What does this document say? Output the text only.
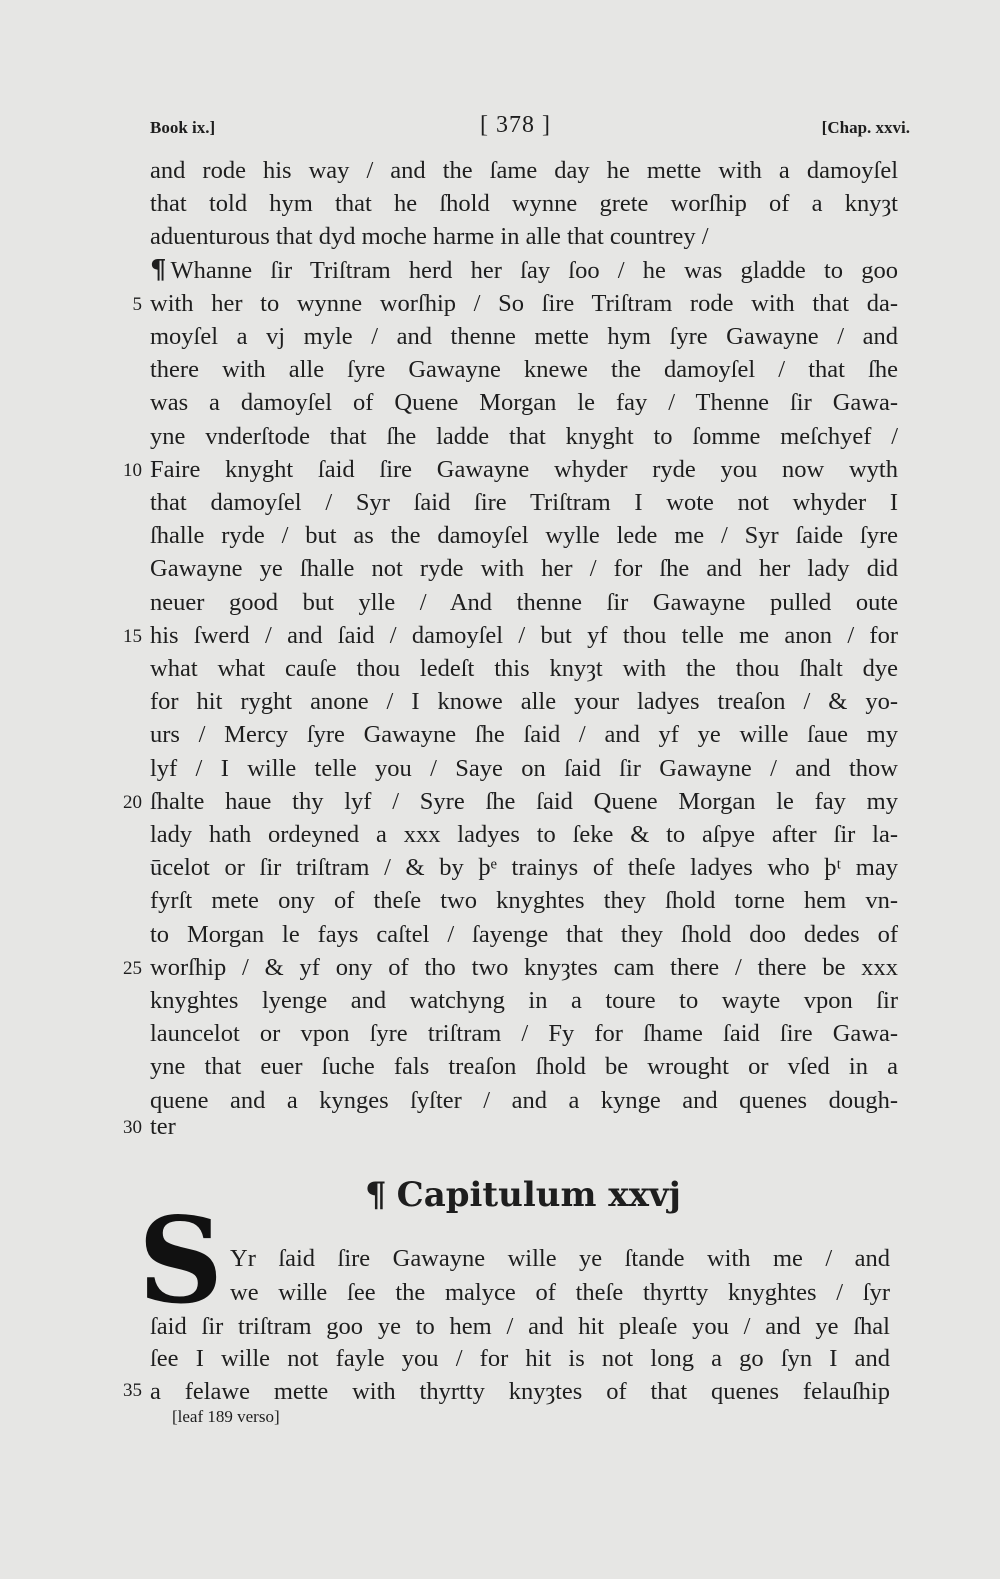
Book ix.]	[ 378 ]	[Chap. xxvi.
and rode his way / and the ſame day he mette with a damoyſel
that told hym that he ſhold wynne grete worſhip of a knyȝt
aduenturous that dyd moche harme in alle that countrey /
¶ Whanne ſir Triſtram herd her ſay ſoo / he was gladde to goo
with her to wynne worſhip / So ſire Triſtram rode with that da-
moyſel a vj myle / and thenne mette hym ſyre Gawayne / and
there with alle ſyre Gawayne knewe the damoyſel / that ſhe
was a damoyſel of Quene Morgan le fay / Thenne ſir Gawa-
yne vnderſtode that ſhe ladde that knyght to ſomme meſchyef /
Faire knyght ſaid ſire Gawayne whyder ryde you now wyth
that damoyſel / Syr ſaid ſire Triſtram I wote not whyder I
ſhalle ryde / but as the damoyſel wylle lede me / Syr ſaide ſyre
Gawayne ye ſhalle not ryde with her / for ſhe and her lady did
neuer good but ylle / And thenne ſir Gawayne pulled oute
his ſwerd / and ſaid / damoyſel / but yf thou telle me anon / for
what what cauſe thou ledeſt this knyȝt with the thou ſhalt dye
for hit ryght anone / I knowe alle your ladyes treaſon / & yo-
urs / Mercy ſyre Gawayne ſhe ſaid / and yf ye wille ſaue my
lyf / I wille telle you / Saye on ſaid ſir Gawayne / and thow
ſhalte haue thy lyf / Syre ſhe ſaid Quene Morgan le fay my
lady hath ordeyned a xxx ladyes to ſeke & to aſpye after ſir la-
ūcelot or ſir triſtram / & by þᵉ trainys of theſe ladyes who þᵗ may
fyrſt mete ony of theſe two knyghtes they ſhold torne hem vn-
to Morgan le fays caſtel / ſayenge that they ſhold doo dedes of
worſhip / & yf ony of tho two knyȝtes cam there / there be xxx
knyghtes lyenge and watchyng in a toure to wayte vpon ſir
launcelot or vpon ſyre triſtram / Fy for ſhame ſaid ſire Gawa-
yne that euer ſuche fals treaſon ſhold be wrought or vſed in a
quene and a kynges ſyſter / and a kynge and quenes dough-
ter
5
10
15
20
25
30
35
¶ Capitulum xxvj
S Yr ſaid ſire Gawayne wille ye ſtande with me / and
we wille ſee the malyce of theſe thyrtty knyghtes / ſyr
ſaid ſir triſtram goo ye to hem / and hit pleaſe you / and ye ſhal
ſee I wille not fayle you / for hit is not long a go ſyn I and
a felawe mette with thyrtty knyȝtes of that quenes felauſhip
[leaf 189 verso]
